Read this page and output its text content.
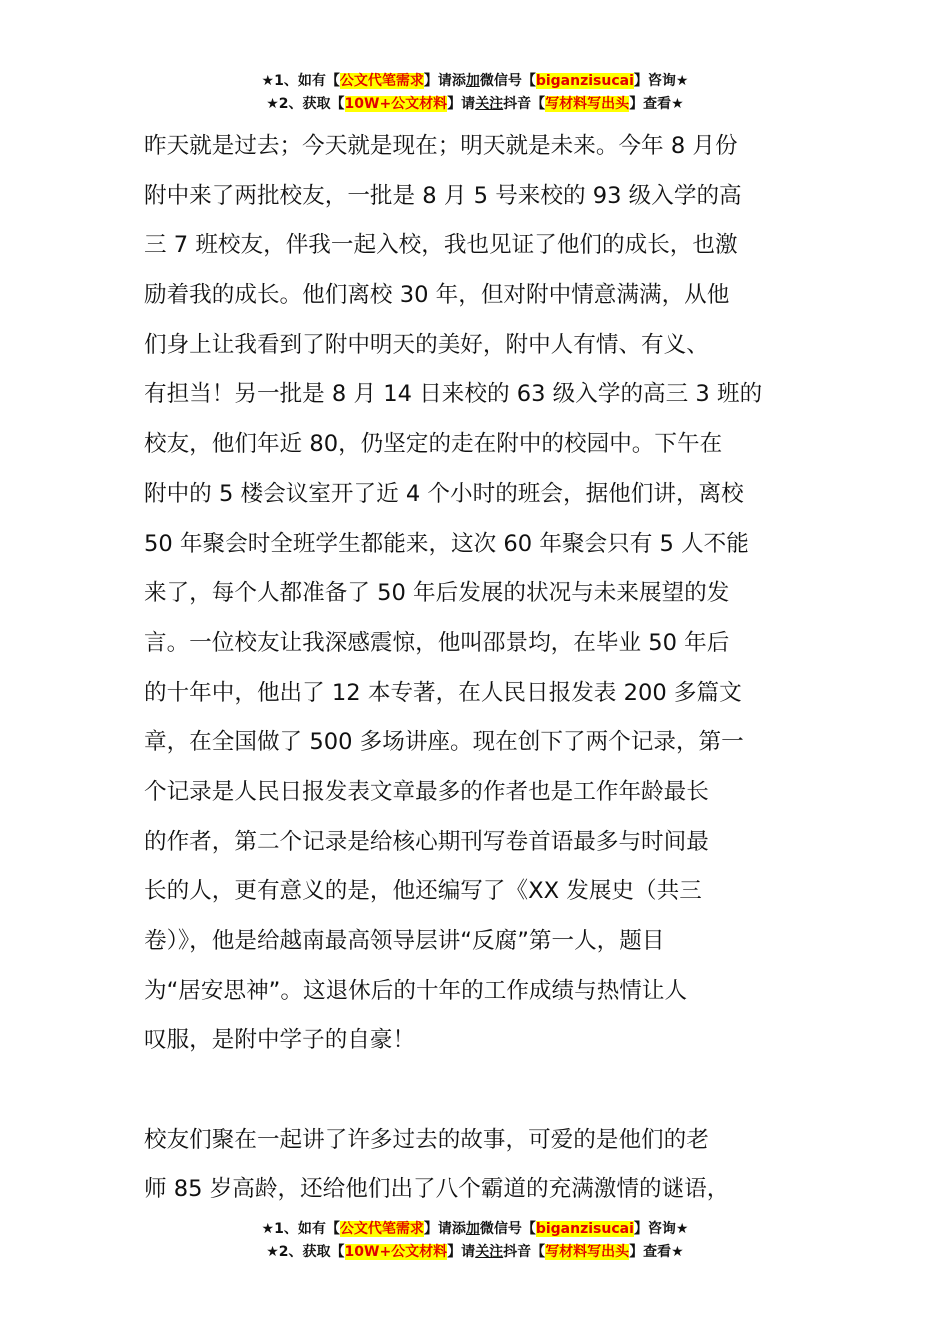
★1、如有【公文代笔需求】请添加微信号【biganzisucai】咨询★
★2、获取【10W+公文材料】请关注抖音【写材料写出头】查看★
昨天就是过去；今天就是现在；明天就是未来。今年 8 月份
附中来了两批校友，一批是 8 月 5 号来校的 93 级入学的高
三 7 班校友，伴我一起入校，我也见证了他们的成长，也激
励着我的成长。他们离校 30 年，但对附中情意满满，从他
们身上让我看到了附中明天的美好，附中人有情、有义、
有担当！另一批是 8 月 14 日来校的 63 级入学的高三 3 班的
校友，他们年近 80，仍坚定的走在附中的校园中。下午在
附中的 5 楼会议室开了近 4 个小时的班会，据他们讲，离校
50 年聚会时全班学生都能来，这次 60 年聚会只有 5 人不能
来了，每个人都准备了 50 年后发展的状况与未来展望的发
言。一位校友让我深感震惊，他叫邵景均，在毕业 50 年后
的十年中，他出了 12 本专著，在人民日报发表 200 多篇文
章，在全国做了 500 多场讲座。现在创下了两个记录，第一
个记录是人民日报发表文章最多的作者也是工作年龄最长
的作者，第二个记录是给核心期刊写卷首语最多与时间最
长的人，更有意义的是，他还编写了《XX 发展史（共三
卷）》，他是给越南最高领导层讲“反腐”第一人，题目
为“居安思神”。这退休后的十年的工作成绩与热情让人
叹服，是附中学子的自豪！
校友们聚在一起讲了许多过去的故事，可爱的是他们的老
师 85 岁高龄，还给他们出了八个霸道的充满激情的谜语，
★1、如有【公文代笔需求】请添加微信号【biganzisucai】咨询★
★2、获取【10W+公文材料】请关注抖音【写材料写出头】查看★
